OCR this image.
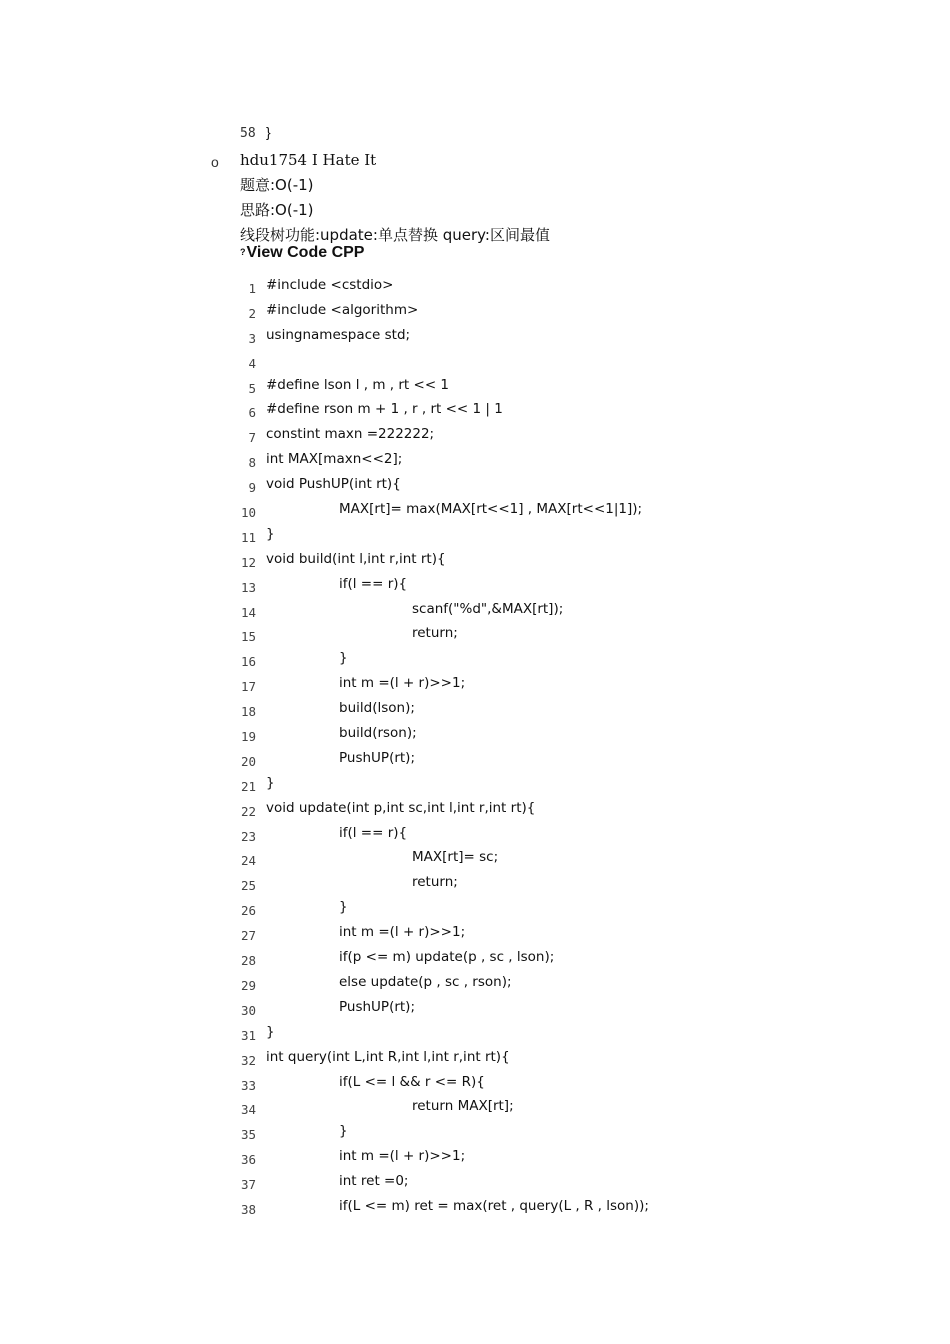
58 }
o hdu1754 I Hate It
题意:O(-1)
思路:O(-1)
线段树功能:update:单点替换 query:区间最值
?View Code CPP
1 #include <cstdio>
2 #include <algorithm>
3 usingnamespace std;
4
5 #define lson l , m , rt << 1
6 #define rson m + 1 , r , rt << 1 | 1
7 constint maxn =222222;
8 int MAX[maxn<<2];
9 void PushUP(int rt){
10	MAX[rt]= max(MAX[rt<<1] , MAX[rt<<1|1]);
11 }
12 void build(int l,int r,int rt){
13	if(l == r){
14	scanf("%d",&MAX[rt]);
15	return;
16	}
17	int m =(l + r)>>1;
18	build(lson);
19	build(rson);
20	PushUP(rt);
21 }
22 void update(int p,int sc,int l,int r,int rt){
23	if(l == r){
24	MAX[rt]= sc;
25	return;
26	}
27	int m =(l + r)>>1;
28	if(p <= m) update(p , sc , lson);
29	else update(p , sc , rson);
30	PushUP(rt);
31 }
32 int query(int L,int R,int l,int r,int rt){
33	if(L <= l && r <= R){
34	return MAX[rt];
35	}
36	int m =(l + r)>>1;
37	int ret =0;
38	if(L <= m) ret = max(ret , query(L , R , lson));
